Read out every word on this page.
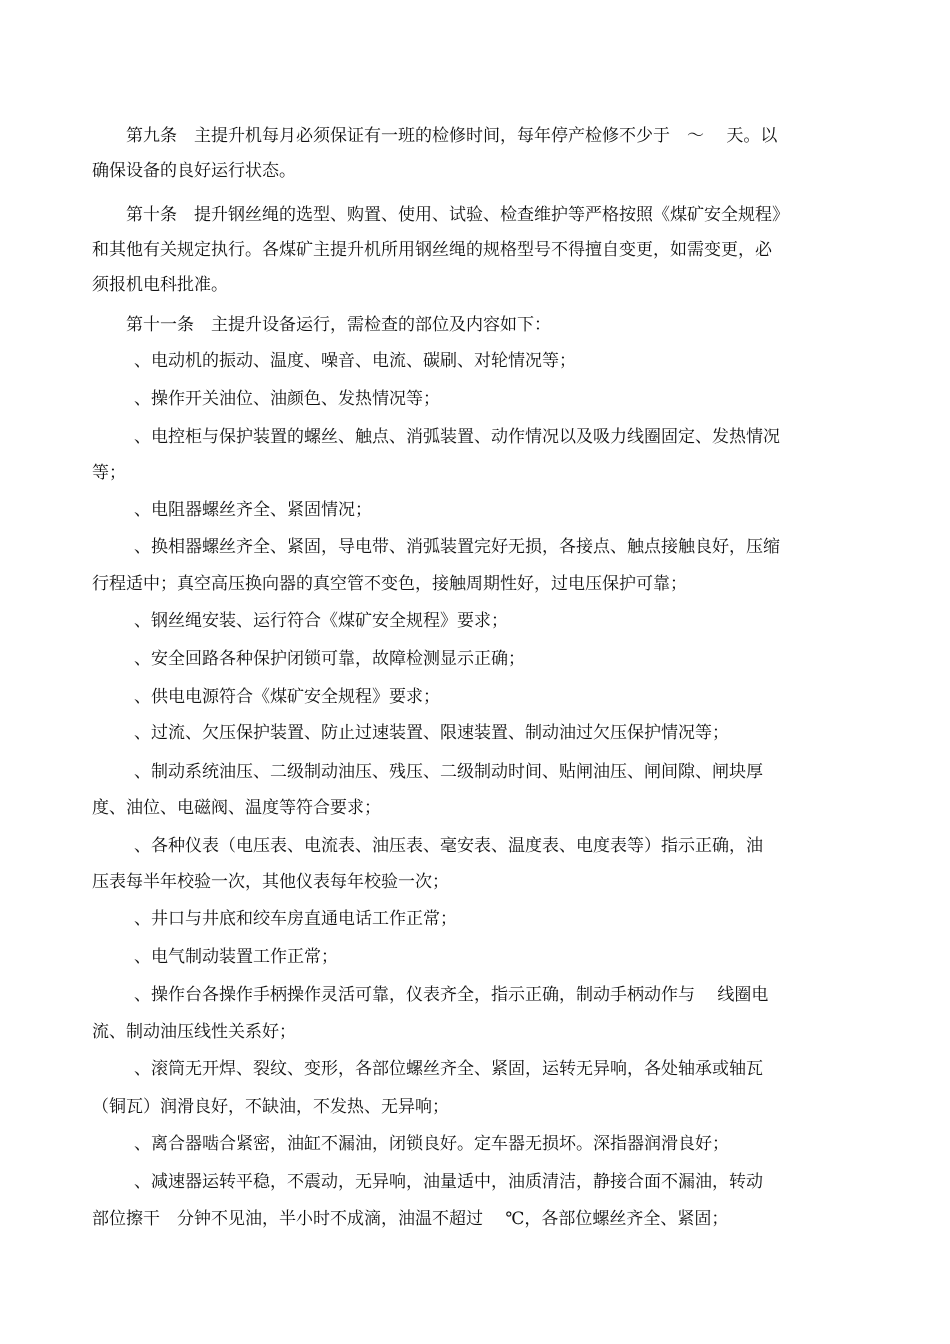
第九条　主提升机每月必须保证有一班的检修时间，每年停产检修不少于　～　 天。以
确保设备的良好运行状态。
第十条　提升钢丝绳的选型、购置、使用、试验、检查维护等严格按照《煤矿安全规程》
和其他有关规定执行。各煤矿主提升机所用钢丝绳的规格型号不得擅自变更，如需变更，必
须报机电科批准。
第十一条　主提升设备运行，需检查的部位及内容如下：
、电动机的振动、温度、噪音、电流、碳刷、对轮情况等；
、操作开关油位、油颜色、发热情况等；
、电控柜与保护装置的螺丝、触点、消弧装置、动作情况以及吸力线圈固定、发热情况
等；
、电阻器螺丝齐全、紧固情况；
、换相器螺丝齐全、紧固，导电带、消弧装置完好无损，各接点、触点接触良好，压缩
行程适中；真空高压换向器的真空管不变色，接触周期性好，过电压保护可靠；
、钢丝绳安装、运行符合《煤矿安全规程》要求；
、安全回路各种保护闭锁可靠，故障检测显示正确；
、供电电源符合《煤矿安全规程》要求；
、过流、欠压保护装置、防止过速装置、限速装置、制动油过欠压保护情况等；
、制动系统油压、二级制动油压、残压、二级制动时间、贴闸油压、闸间隙、闸块厚
度、油位、电磁阀、温度等符合要求；
、各种仪表（电压表、电流表、油压表、毫安表、温度表、电度表等）指示正确，油
压表每半年校验一次，其他仪表每年校验一次；
、井口与井底和绞车房直通电话工作正常；
、电气制动装置工作正常；
、操作台各操作手柄操作灵活可靠，仪表齐全，指示正确，制动手柄动作与　 线圈电
流、制动油压线性关系好；
、滚筒无开焊、裂纹、变形，各部位螺丝齐全、紧固，运转无异响，各处轴承或轴瓦
（铜瓦）润滑良好，不缺油，不发热、无异响；
、离合器啮合紧密，油缸不漏油，闭锁良好。定车器无损坏。深指器润滑良好；
、减速器运转平稳，不震动，无异响，油量适中，油质清洁，静接合面不漏油，转动
部位擦干　分钟不见油，半小时不成滴，油温不超过　 ℃，各部位螺丝齐全、紧固；
